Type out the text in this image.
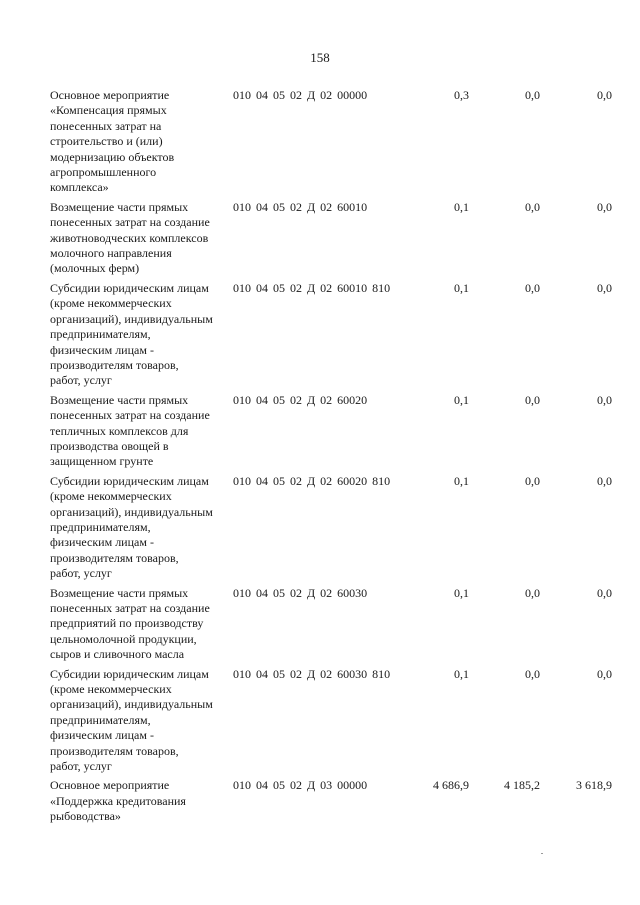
158
Основное мероприятие
«Компенсация прямых
понесенных затрат на
строительство и (или)
модернизацию объектов
агропромышленного
комплекса»
010 04 05 02 Д 02 00000	0,3	0,0	0,0
Возмещение части прямых
понесенных затрат на создание
животноводческих комплексов
молочного направления
(молочных ферм)
010 04 05 02 Д 02 60010	0,1	0,0	0,0
Субсидии юридическим лицам
(кроме некоммерческих
организаций), индивидуальным
предпринимателям,
физическим лицам -
производителям товаров,
работ, услуг
010 04 05 02 Д 02 60010 810	0,1	0,0	0,0
Возмещение части прямых
понесенных затрат на создание
тепличных комплексов для
производства овощей в
защищенном грунте
010 04 05 02 Д 02 60020	0,1	0,0	0,0
Субсидии юридическим лицам
(кроме некоммерческих
организаций), индивидуальным
предпринимателям,
физическим лицам -
производителям товаров,
работ, услуг
010 04 05 02 Д 02 60020 810	0,1	0,0	0,0
Возмещение части прямых
понесенных затрат на создание
предприятий по производству
цельномолочной продукции,
сыров и сливочного масла
010 04 05 02 Д 02 60030	0,1	0,0	0,0
Субсидии юридическим лицам
(кроме некоммерческих
организаций), индивидуальным
предпринимателям,
физическим лицам -
производителям товаров,
работ, услуг
010 04 05 02 Д 02 60030 810	0,1	0,0	0,0
Основное мероприятие
«Поддержка кредитования
рыбоводства»
010 04 05 02 Д 03 00000	4 686,9	4 185,2	3 618,9
